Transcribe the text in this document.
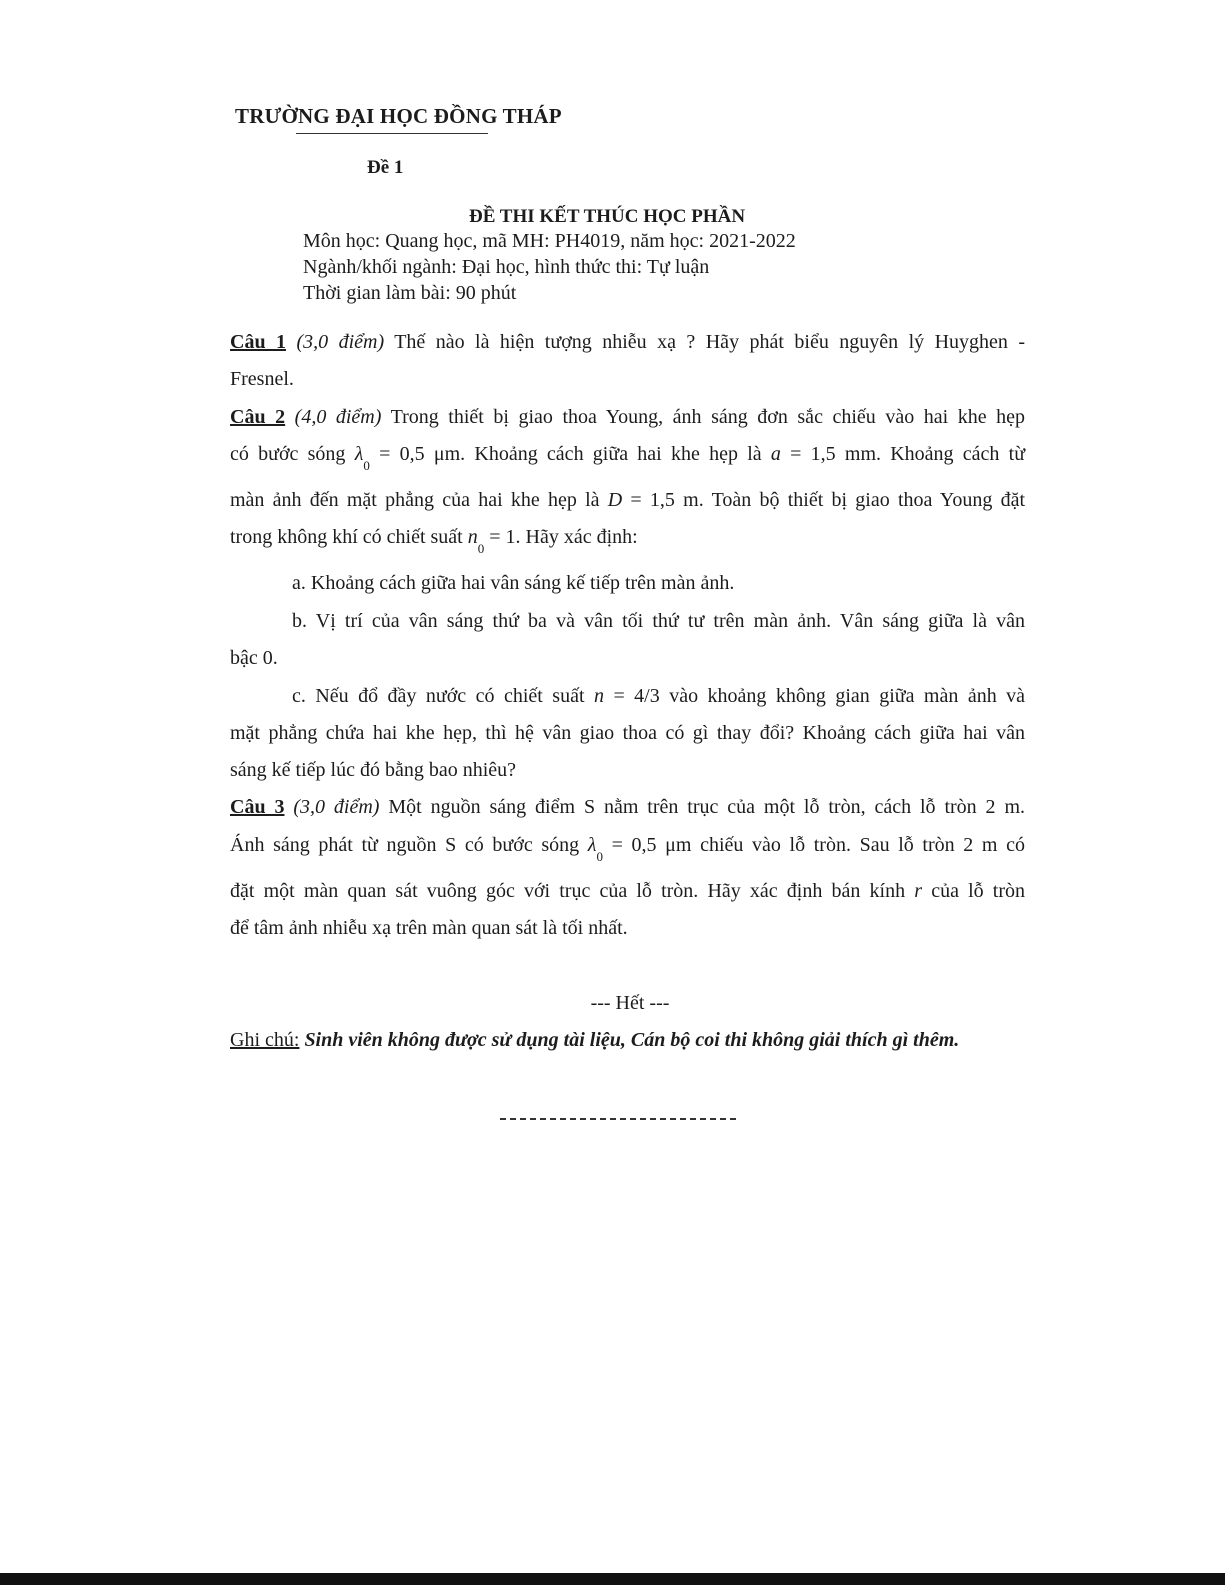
TRƯỜNG ĐẠI HỌC ĐỒNG THÁP
Đề 1
ĐỀ THI KẾT THÚC HỌC PHẦN
Môn học: Quang học, mã MH: PH4019, năm học: 2021-2022
Ngành/khối ngành: Đại học, hình thức thi: Tự luận
Thời gian làm bài: 90 phút
Câu 1 (3,0 điểm) Thế nào là hiện tượng nhiễu xạ ? Hãy phát biểu nguyên lý Huyghen -
Fresnel.
Câu 2 (4,0 điểm) Trong thiết bị giao thoa Young, ánh sáng đơn sắc chiếu vào hai khe hẹp
có bước sóng $\lambda_0 = 0,5$ μm. Khoảng cách giữa hai khe hẹp là a = 1,5 mm. Khoảng cách từ
màn ảnh đến mặt phẳng của hai khe hẹp là D = 1,5 m. Toàn bộ thiết bị giao thoa Young đặt
trong không khí có chiết suất $n_0 = 1$. Hãy xác định:
a. Khoảng cách giữa hai vân sáng kế tiếp trên màn ảnh.
b. Vị trí của vân sáng thứ ba và vân tối thứ tư trên màn ảnh. Vân sáng giữa là vân
bậc 0.
c. Nếu đổ đầy nước có chiết suất n = 4/3 vào khoảng không gian giữa màn ảnh và
mặt phẳng chứa hai khe hẹp, thì hệ vân giao thoa có gì thay đổi? Khoảng cách giữa hai vân
sáng kế tiếp lúc đó bằng bao nhiêu?
Câu 3 (3,0 điểm) Một nguồn sáng điểm S nằm trên trục của một lỗ tròn, cách lỗ tròn 2 m.
Ánh sáng phát từ nguồn S có bước sóng $\lambda_0 = 0,5$ μm chiếu vào lỗ tròn. Sau lỗ tròn 2 m có
đặt một màn quan sát vuông góc với trục của lỗ tròn. Hãy xác định bán kính r của lỗ tròn
để tâm ảnh nhiễu xạ trên màn quan sát là tối nhất.
--- Hết ---
Ghi chú: Sinh viên không được sử dụng tài liệu, Cán bộ coi thi không giải thích gì thêm.
